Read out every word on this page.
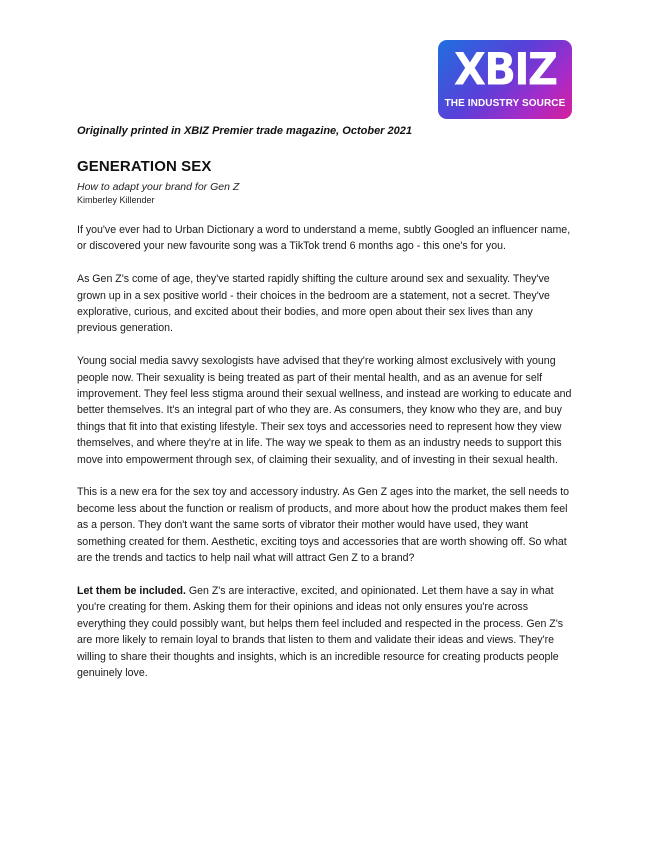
XBIZ
THE INDUSTRY SOURCE
Originally printed in XBIZ Premier trade magazine, October 2021
GENERATION SEX
How to adapt your brand for Gen Z
Kimberley Killender

If you've ever had to Urban Dictionary a word to understand a meme, subtly Googled an influencer name, or discovered your new favourite song was a TikTok trend 6 months ago - this one's for you.

As Gen Z's come of age, they've started rapidly shifting the culture around sex and sexuality. They've grown up in a sex positive world - their choices in the bedroom are a statement, not a secret. They've explorative, curious, and excited about their bodies, and more open about their sex lives than any previous generation.

Young social media savvy sexologists have advised that they're working almost exclusively with young people now. Their sexuality is being treated as part of their mental health, and as an avenue for self improvement. They feel less stigma around their sexual wellness, and instead are working to educate and better themselves. It's an integral part of who they are. As consumers, they know who they are, and buy things that fit into that existing lifestyle. Their sex toys and accessories need to represent how they view themselves, and where they're at in life. The way we speak to them as an industry needs to support this move into empowerment through sex, of claiming their sexuality, and of investing in their sexual health.

This is a new era for the sex toy and accessory industry. As Gen Z ages into the market, the sell needs to become less about the function or realism of products, and more about how the product makes them feel as a person. They don't want the same sorts of vibrator their mother would have used, they want something created for them. Aesthetic, exciting toys and accessories that are worth showing off. So what are the trends and tactics to help nail what will attract Gen Z to a brand?

Let them be included. Gen Z's are interactive, excited, and opinionated. Let them have a say in what you're creating for them. Asking them for their opinions and ideas not only ensures you're across everything they could possibly want, but helps them feel included and respected in the process. Gen Z's are more likely to remain loyal to brands that listen to them and validate their ideas and views. They're willing to share their thoughts and insights, which is an incredible resource for creating products people genuinely love.
